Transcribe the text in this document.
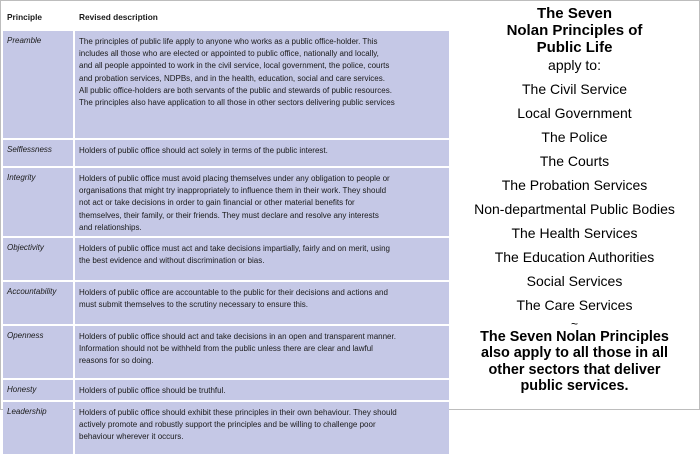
Principle	Revised description
Preamble	The principles of public life apply to anyone who works as a public office-holder. This
includes all those who are elected or appointed to public office, nationally and locally,
and all people appointed to work in the civil service, local government, the police, courts
and probation services, NDPBs, and in the health, education, social and care services.
All public office-holders are both servants of the public and stewards of public resources.
The principles also have application to all those in other sectors delivering public services
Selflessness	Holders of public office should act solely in terms of the public interest.
Integrity	Holders of public office must avoid placing themselves under any obligation to people or
organisations that might try inappropriately to influence them in their work. They should
not act or take decisions in order to gain financial or other material benefits for
themselves, their family, or their friends. They must declare and resolve any interests
and relationships.
Objectivity	Holders of public office must act and take decisions impartially, fairly and on merit, using
the best evidence and without discrimination or bias.
Accountability	Holders of public office are accountable to the public for their decisions and actions and
must submit themselves to the scrutiny necessary to ensure this.
Openness	Holders of public office should act and take decisions in an open and transparent manner.
Information should not be withheld from the public unless there are clear and lawful
reasons for so doing.
Honesty	Holders of public office should be truthful.
Leadership	Holders of public office should exhibit these principles in their own behaviour. They should
actively promote and robustly support the principles and be willing to challenge poor
behaviour wherever it occurs.
The Seven
Nolan Principles of
Public Life
apply to:
The Civil Service
Local Government
The Police
The Courts
The Probation Services
Non-departmental Public Bodies
The Health Services
The Education Authorities
Social Services
The Care Services
~
The Seven Nolan Principles
also apply to all those in all
other sectors that deliver
public services.
